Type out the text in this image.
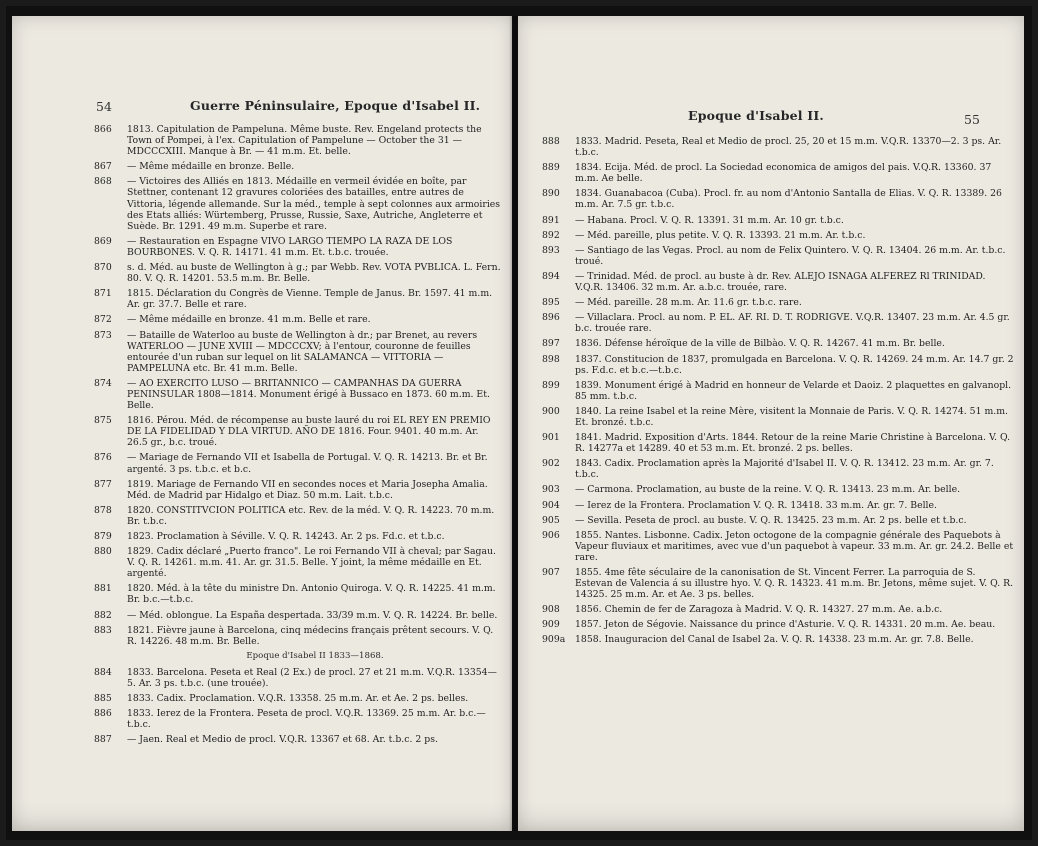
54	Guerre Péninsulaire, Epoque d'Isabel II.
866	1813. Capitulation de Pampeluna. Même buste. Rev. Engeland protects the Town of Pompei, à l'ex. Capitulation of Pampelune — October the 31 — MDCCCXIII. Manque à Br. — 41 m.m. Et. belle.
867	— Même médaille en bronze. Belle.
868	— Victoires des Alliés en 1813. Médaille en vermeil évidée en boîte, par Stettner, contenant 12 gravures coloriées des batailles, entre autres de Vittoria, légende allemande. Sur la méd., temple à sept colonnes aux armoiries des Etats alliés: Würtemberg, Prusse, Russie, Saxe, Autriche, Angleterre et Suède. Br. 1291. 49 m.m. Superbe et rare.
869	— Restauration en Espagne VIVO LARGO TIEMPO LA RAZA DE LOS BOURBONES. V. Q. R. 14171. 41 m.m. Et. t.b.c. trouée.
870	s. d. Méd. au buste de Wellington à g.; par Webb. Rev. VOTA PVBLICA. L. Fern. 80. V. Q. R. 14201. 53.5 m.m. Br. Belle.
871	1815. Déclaration du Congrès de Vienne. Temple de Janus. Br. 1597. 41 m.m. Ar. gr. 37.7. Belle et rare.
872	— Même médaille en bronze. 41 m.m. Belle et rare.
873	— Bataille de Waterloo au buste de Wellington à dr.; par Brenet, au revers WATERLOO — JUNE XVIII — MDCCCXV; à l'entour, couronne de feuilles entourée d'un ruban sur lequel on lit SALAMANCA — VITTORIA — PAMPELUNA etc. Br. 41 m.m. Belle.
874	— AO EXERCITO LUSO — BRITANNICO — CAMPANHAS DA GUERRA PENINSULAR 1808—1814. Monument érigé à Bussaco en 1873. 60 m.m. Et. Belle.
875	1816. Pérou. Méd. de récompense au buste lauré du roi EL REY EN PREMIO DE LA FIDELIDAD Y DLA VIRTUD. AÑO DE 1816. Four. 9401. 40 m.m. Ar. 26.5 gr., b.c. troué.
876	— Mariage de Fernando VII et Isabella de Portugal. V. Q. R. 14213. Br. et Br. argenté. 3 ps. t.b.c. et b.c.
877	1819. Mariage de Fernando VII en secondes noces et Maria Josepha Amalia. Méd. de Madrid par Hidalgo et Diaz. 50 m.m. Lait. t.b.c.
878	1820. CONSTITVCION POLITICA etc. Rev. de la méd. V. Q. R. 14223. 70 m.m. Br. t.b.c.
879	1823. Proclamation à Séville. V. Q. R. 14243. Ar. 2 ps. Fd.c. et t.b.c.
880	1829. Cadix déclaré „Puerto franco". Le roi Fernando VII à cheval; par Sagau. V. Q. R. 14261. m.m. 41. Ar. gr. 31.5. Belle. Y joint, la même médaille en Et. argenté.
881	1820. Méd. à la tête du ministre Dn. Antonio Quiroga. V. Q. R. 14225. 41 m.m. Br. b.c.—t.b.c.
882	— Méd. oblongue. La España despertada. 33/39 m.m. V. Q. R. 14224. Br. belle.
883	1821. Fièvre jaune à Barcelona, cinq médecins français prêtent secours. V. Q. R. 14226. 48 m.m. Br. Belle.
Epoque d'Isabel II 1833—1868.
884	1833. Barcelona. Peseta et Real (2 Ex.) de procl. 27 et 21 m.m. V.Q.R. 13354—5. Ar. 3 ps. t.b.c. (une trouée).
885	1833. Cadix. Proclamation. V.Q.R. 13358. 25 m.m. Ar. et Ae. 2 ps. belles.
886	1833. Ierez de la Frontera. Peseta de procl. V.Q.R. 13369. 25 m.m. Ar. b.c.—t.b.c.
887	— Jaen. Real et Medio de procl. V.Q.R. 13367 et 68. Ar. t.b.c. 2 ps.
Epoque d'Isabel II.	55
888	1833. Madrid. Peseta, Real et Medio de procl. 25, 20 et 15 m.m. V.Q.R. 13370—2. 3 ps. Ar. t.b.c.
889	1834. Ecija. Méd. de procl. La Sociedad economica de amigos del pais. V.Q.R. 13360. 37 m.m. Ae belle.
890	1834. Guanabacoa (Cuba). Procl. fr. au nom d'Antonio Santalla de Elias. V. Q. R. 13389. 26 m.m. Ar. 7.5 gr. t.b.c.
891	— Habana. Procl. V. Q. R. 13391. 31 m.m. Ar. 10 gr. t.b.c.
892	— Méd. pareille, plus petite. V. Q. R. 13393. 21 m.m. Ar. t.b.c.
893	— Santiago de las Vegas. Procl. au nom de Felix Quintero. V. Q. R. 13404. 26 m.m. Ar. t.b.c. troué.
894	— Trinidad. Méd. de procl. au buste à dr. Rev. ALEJO ISNAGA ALFEREZ Rl TRINIDAD. V.Q.R. 13406. 32 m.m. Ar. a.b.c. trouée, rare.
895	— Méd. pareille. 28 m.m. Ar. 11.6 gr. t.b.c. rare.
896	— Villaclara. Procl. au nom. P. EL. AF. RI. D. T. RODRIGVE. V.Q.R. 13407. 23 m.m. Ar. 4.5 gr. b.c. trouée rare.
897	1836. Défense héroïque de la ville de Bilbào. V. Q. R. 14267. 41 m.m. Br. belle.
898	1837. Constitucion de 1837, promulgada en Barcelona. V. Q. R. 14269. 24 m.m. Ar. 14.7 gr. 2 ps. F.d.c. et b.c.—t.b.c.
899	1839. Monument érigé à Madrid en honneur de Velarde et Daoiz. 2 plaquettes en galvanopl. 85 mm. t.b.c.
900	1840. La reine Isabel et la reine Mère, visitent la Monnaie de Paris. V. Q. R. 14274. 51 m.m. Et. bronzé. t.b.c.
901	1841. Madrid. Exposition d'Arts. 1844. Retour de la reine Marie Christine à Barcelona. V. Q. R. 14277a et 14289. 40 et 53 m.m. Et. bronzé. 2 ps. belles.
902	1843. Cadix. Proclamation après la Majorité d'Isabel II. V. Q. R. 13412. 23 m.m. Ar. gr. 7. t.b.c.
903	— Carmona. Proclamation, au buste de la reine. V. Q. R. 13413. 23 m.m. Ar. belle.
904	— Ierez de la Frontera. Proclamation V. Q. R. 13418. 33 m.m. Ar. gr. 7. Belle.
905	— Sevilla. Peseta de procl. au buste. V. Q. R. 13425. 23 m.m. Ar. 2 ps. belle et t.b.c.
906	1855. Nantes. Lisbonne. Cadix. Jeton octogone de la compagnie générale des Paquebots à Vapeur fluviaux et maritimes, avec vue d'un paquebot à vapeur. 33 m.m. Ar. gr. 24.2. Belle et rare.
907	1855. 4me fête séculaire de la canonisation de St. Vincent Ferrer. La parroquia de S. Estevan de Valencia á su illustre hyo. V. Q. R. 14323. 41 m.m. Br. Jetons, même sujet. V. Q. R. 14325. 25 m.m. Ar. et Ae. 3 ps. belles.
908	1856. Chemin de fer de Zaragoza à Madrid. V. Q. R. 14327. 27 m.m. Ae. a.b.c.
909	1857. Jeton de Ségovie. Naissance du prince d'Asturie. V. Q. R. 14331. 20 m.m. Ae. beau.
909a	1858. Inauguracion del Canal de Isabel 2a. V. Q. R. 14338. 23 m.m. Ar. gr. 7.8. Belle.
